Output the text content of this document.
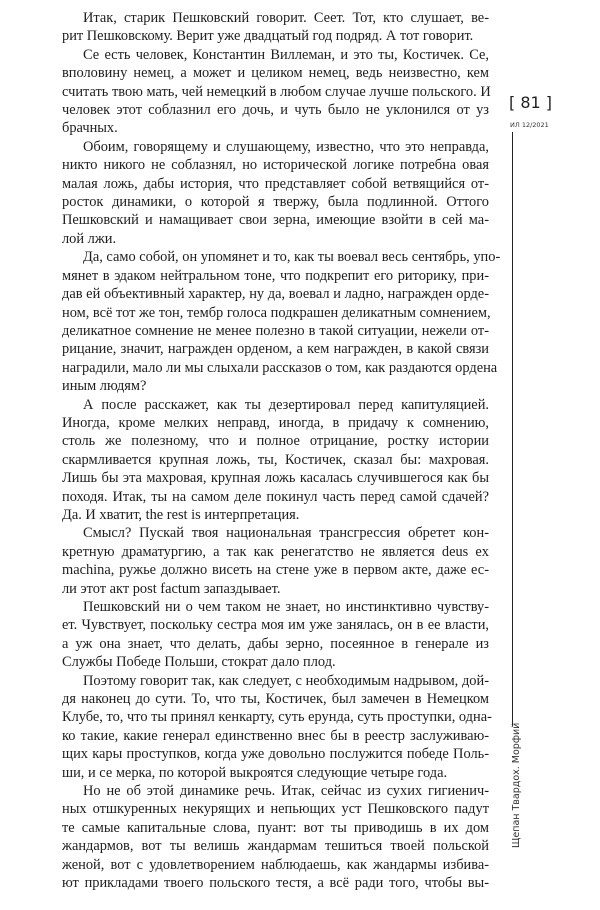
Итак, старик Пешковский говорит. Сеет. Тот, кто слушает, ве-
рит Пешковскому. Верит уже двадцатый год подряд. А тот говорит.
Се есть человек, Константин Виллеман, и это ты, Костичек. Се,
вполовину немец, а может и целиком немец, ведь неизвестно, кем
считать твою мать, чей немецкий в любом случае лучше польского. И
человек этот соблазнил его дочь, и чуть было не уклонился от уз
брачных.
Обоим, говорящему и слушающему, известно, что это неправда,
никто никого не соблазнял, но исторической логике потребна овая
малая ложь, дабы история, что представляет собой ветвящийся от-
росток динамики, о которой я твержу, была подлинной. Оттого
Пешковский и намащивает свои зерна, имеющие взойти в сей ма-
лой лжи.
Да, само собой, он упомянет и то, как ты воевал весь сентябрь, упо-
мянет в эдаком нейтральном тоне, что подкрепит его риторику, при-
дав ей объективный характер, ну да, воевал и ладно, награжден орде-
ном, всё тот же тон, тембр голоса подкрашен деликатным сомнением,
деликатное сомнение не менее полезно в такой ситуации, нежели от-
рицание, значит, награжден орденом, а кем награжден, в какой связи
наградили, мало ли мы слыхали рассказов о том, как раздаются ордена
иным людям?
А после расскажет, как ты дезертировал перед капитуляцией.
Иногда, кроме мелких неправд, иногда, в придачу к сомнению,
столь же полезному, что и полное отрицание, ростку истории
скармливается крупная ложь, ты, Костичек, сказал бы: махровая.
Лишь бы эта махровая, крупная ложь касалась случившегося как бы
походя. Итак, ты на самом деле покинул часть перед самой сдачей?
Да. И хватит, the rest is интерпретация.
Смысл? Пускай твоя национальная трансгрессия обретет кон-
кретную драматургию, а так как ренегатство не является deus ex
machina, ружье должно висеть на стене уже в первом акте, даже ес-
ли этот акт post factum запаздывает.
Пешковский ни о чем таком не знает, но инстинктивно чувству-
ет. Чувствует, поскольку сестра моя им уже занялась, он в ее власти,
а уж она знает, что делать, дабы зерно, посеянное в генерале из
Службы Победе Польши, стократ дало плод.
Поэтому говорит так, как следует, с необходимым надрывом, дой-
дя наконец до сути. То, что ты, Костичек, был замечен в Немецком
Клубе, то, что ты принял кенкарту, суть ерунда, суть проступки, одна-
ко такие, какие генерал единственно внес бы в реестр заслуживаю-
щих кары проступков, когда уже довольно послужится победе Поль-
ши, и се мерка, по которой выкроятся следующие четыре года.
Но не об этой динамике речь. Итак, сейчас из сухих гигиенич-
ных отшкуренных некурящих и непьющих уст Пешковского падут
те самые капитальные слова, пуант: вот ты приводишь в их дом
жандармов, вот ты велишь жандармам тешиться твоей польской
женой, вот с удовлетворением наблюдаешь, как жандармы избива-
ют прикладами твоего польского тестя, а всё ради того, чтобы вы-
[ 81 ]
ИЛ 12/2021
Щепан Твардох. Морфий
